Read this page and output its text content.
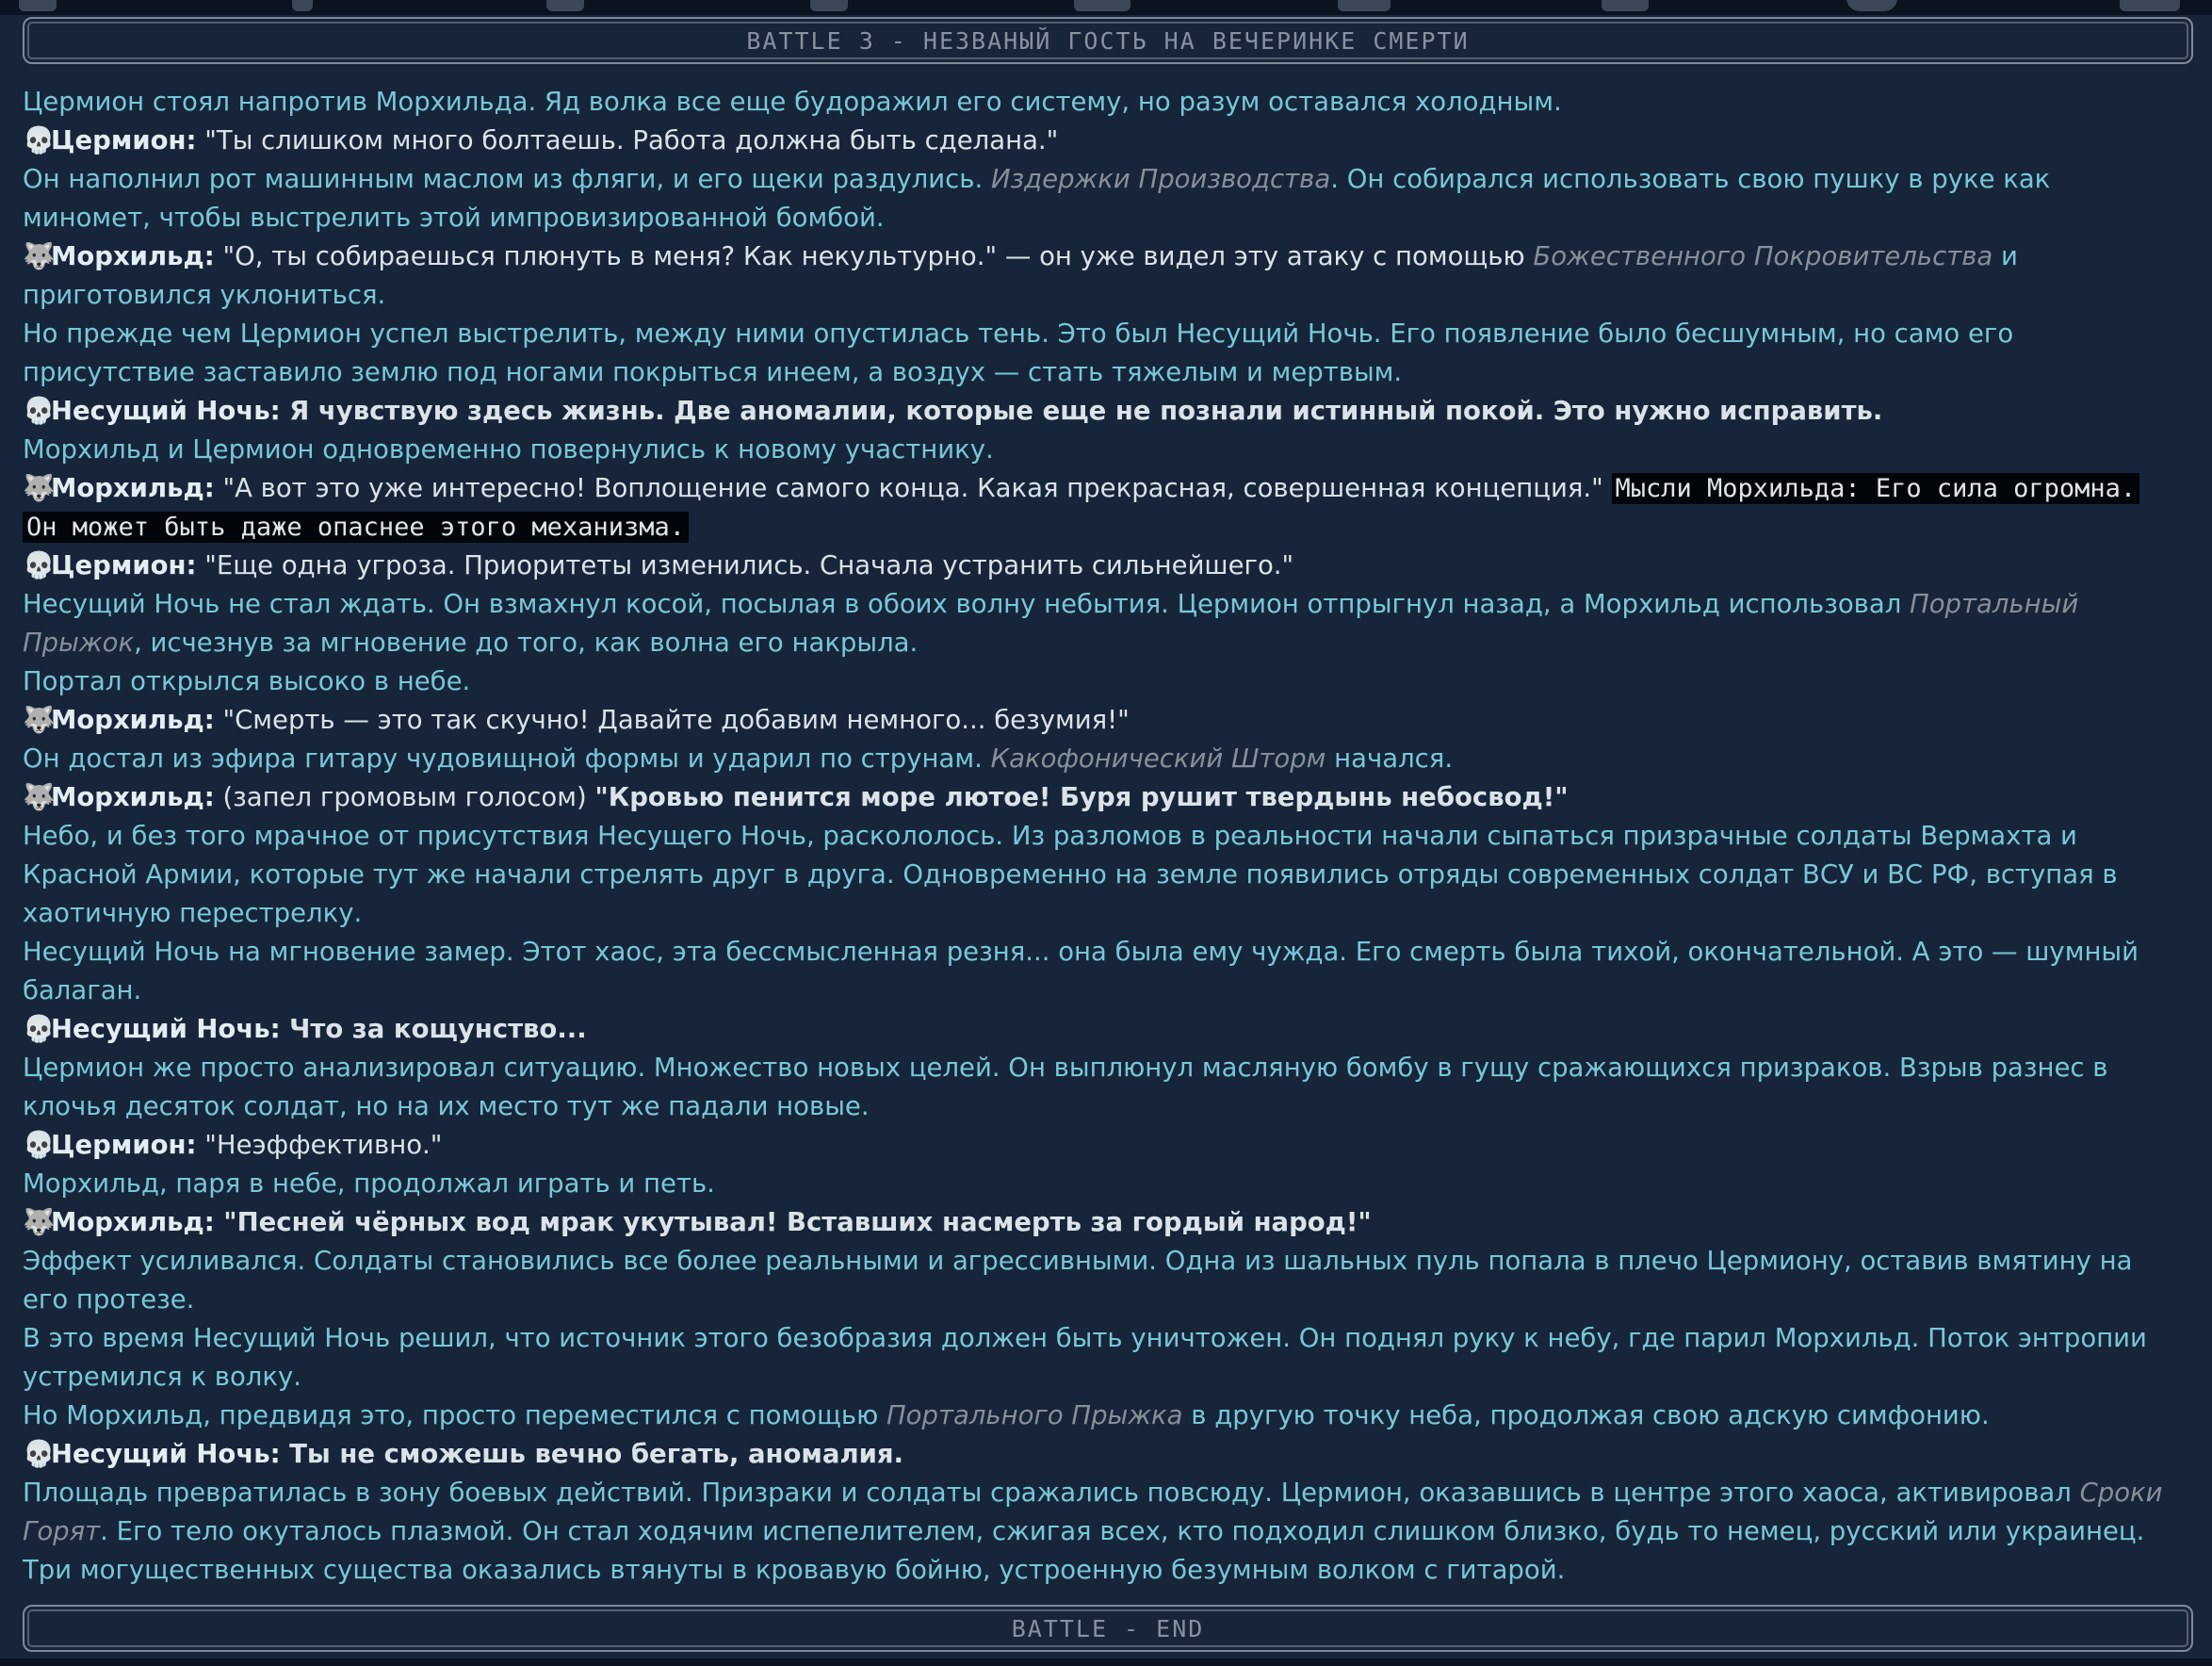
BATTLE 3 - НЕЗВАНЫЙ ГОСТЬ НА ВЕЧЕРИНКЕ СМЕРТИ

Цермион стоял напротив Морхильда. Яд волка все еще будоражил его систему, но разум оставался холодным.

💀Цермион: "Ты слишком много болтаешь. Работа должна быть сделана."

Он наполнил рот машинным маслом из фляги, и его щеки раздулись. Издержки Производства. Он собирался использовать свою пушку в руке как миномет, чтобы выстрелить этой импровизированной бомбой.

🐺Морхильд: "О, ты собираешься плюнуть в меня? Как некультурно." — он уже видел эту атаку с помощью Божественного Покровительства и приготовился уклониться.

Но прежде чем Цермион успел выстрелить, между ними опустилась тень. Это был Несущий Ночь. Его появление было бесшумным, но само его присутствие заставило землю под ногами покрыться инеем, а воздух — стать тяжелым и мертвым.

💀Несущий Ночь: Я чувствую здесь жизнь. Две аномалии, которые еще не познали истинный покой. Это нужно исправить.

Морхильд и Цермион одновременно повернулись к новому участнику.

🐺Морхильд: "А вот это уже интересно! Воплощение самого конца. Какая прекрасная, совершенная концепция." Мысли Морхильда: Его сила огромна. Он может быть даже опаснее этого механизма.

💀Цермион: "Еще одна угроза. Приоритеты изменились. Сначала устранить сильнейшего."

Несущий Ночь не стал ждать. Он взмахнул косой, посылая в обоих волну небытия. Цермион отпрыгнул назад, а Морхильд использовал Портальный Прыжок, исчезнув за мгновение до того, как волна его накрыла.

Портал открылся высоко в небе.

🐺Морхильд: "Смерть — это так скучно! Давайте добавим немного... безумия!"

Он достал из эфира гитару чудовищной формы и ударил по струнам. Какофонический Шторм начался.

🐺Морхильд: (запел громовым голосом) "Кровью пенится море лютое! Буря рушит твердынь небосвод!"

Небо, и без того мрачное от присутствия Несущего Ночь, раскололось. Из разломов в реальности начали сыпаться призрачные солдаты Вермахта и Красной Армии, которые тут же начали стрелять друг в друга. Одновременно на земле появились отряды современных солдат ВСУ и ВС РФ, вступая в хаотичную перестрелку.

Несущий Ночь на мгновение замер. Этот хаос, эта бессмысленная резня... она была ему чужда. Его смерть была тихой, окончательной. А это — шумный балаган.

💀Несущий Ночь: Что за кощунство...

Цермион же просто анализировал ситуацию. Множество новых целей. Он выплюнул масляную бомбу в гущу сражающихся призраков. Взрыв разнес в клочья десяток солдат, но на их место тут же падали новые.

💀Цермион: "Неэффективно."

Морхильд, паря в небе, продолжал играть и петь.

🐺Морхильд: "Песней чёрных вод мрак укутывал! Вставших насмерть за гордый народ!"

Эффект усиливался. Солдаты становились все более реальными и агрессивными. Одна из шальных пуль попала в плечо Цермиону, оставив вмятину на его протезе.

В это время Несущий Ночь решил, что источник этого безобразия должен быть уничтожен. Он поднял руку к небу, где парил Морхильд. Поток энтропии устремился к волку.

Но Морхильд, предвидя это, просто переместился с помощью Портального Прыжка в другую точку неба, продолжая свою адскую симфонию.

💀Несущий Ночь: Ты не сможешь вечно бегать, аномалия.

Площадь превратилась в зону боевых действий. Призраки и солдаты сражались повсюду. Цермион, оказавшись в центре этого хаоса, активировал Сроки Горят. Его тело окуталось плазмой. Он стал ходячим испепелителем, сжигая всех, кто подходил слишком близко, будь то немец, русский или украинец.

Три могущественных существа оказались втянуты в кровавую бойню, устроенную безумным волком с гитарой.

BATTLE - END
